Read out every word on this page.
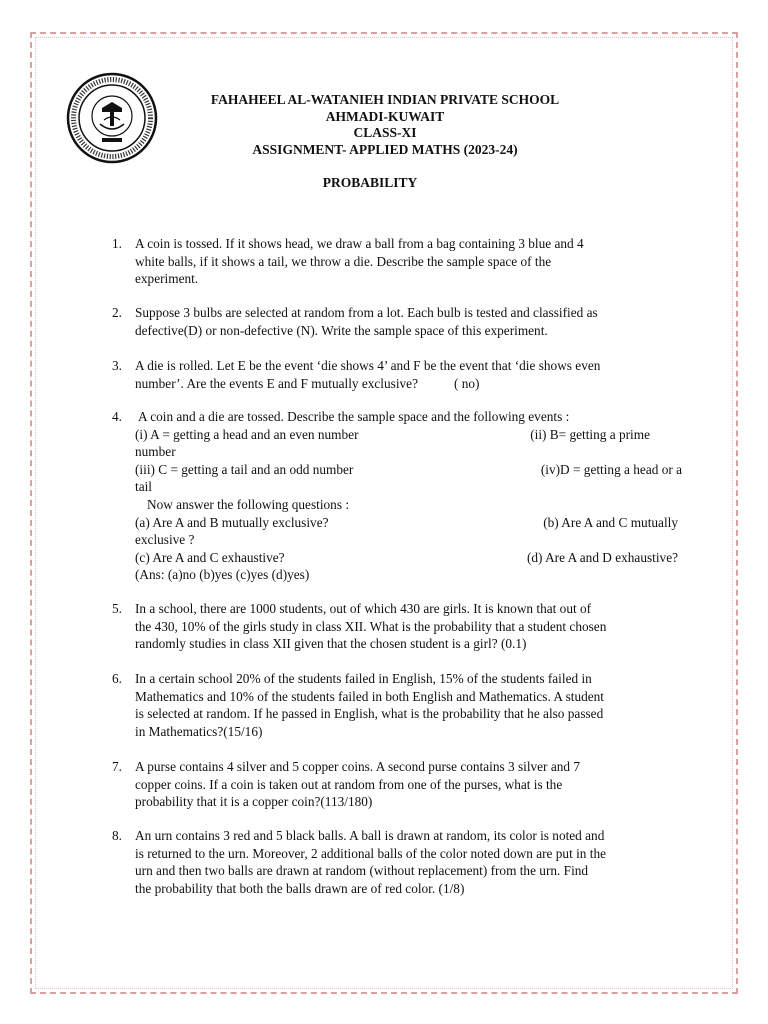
FAHAHEEL AL-WATANIEH INDIAN PRIVATE SCHOOL
AHMADI-KUWAIT
CLASS-XI
ASSIGNMENT- APPLIED MATHS (2023-24)
PROBABILITY
1. A coin is tossed. If it shows head, we draw a ball from a bag containing 3 blue and 4
white balls, if it shows a tail, we throw a die. Describe the sample space of the
experiment.
2. Suppose 3 bulbs are selected at random from a lot. Each bulb is tested and classified as
defective(D) or non-defective (N). Write the sample space of this experiment.
3. A die is rolled. Let E be the event ‘die shows 4’ and F be the event that ‘die shows even
number’. Are the events E and F mutually exclusive?	( no)
4. A coin and a die are tossed. Describe the sample space and the following events :
(i) A = getting a head and an even number	(ii) B= getting a prime
number
(iii) C = getting a tail and an odd number	(iv)D = getting a head or a
tail
Now answer the following questions :
(a) Are A and B mutually exclusive?	(b) Are A and C mutually
exclusive ?
(c) Are A and C exhaustive?	(d) Are A and D exhaustive?
(Ans: (a)no (b)yes (c)yes (d)yes)
5. In a school, there are 1000 students, out of which 430 are girls. It is known that out of
the 430, 10% of the girls study in class XII. What is the probability that a student chosen
randomly studies in class XII given that the chosen student is a girl? (0.1)
6. In a certain school 20% of the students failed in English, 15% of the students failed in
Mathematics and 10% of the students failed in both English and Mathematics. A student
is selected at random. If he passed in English, what is the probability that he also passed
in Mathematics?(15/16)
7. A purse contains 4 silver and 5 copper coins. A second purse contains 3 silver and 7
copper coins. If a coin is taken out at random from one of the purses, what is the
probability that it is a copper coin?(113/180)
8. An urn contains 3 red and 5 black balls. A ball is drawn at random, its color is noted and
is returned to the urn. Moreover, 2 additional balls of the color noted down are put in the
urn and then two balls are drawn at random (without replacement) from the urn. Find
the probability that both the balls drawn are of red color. (1/8)
